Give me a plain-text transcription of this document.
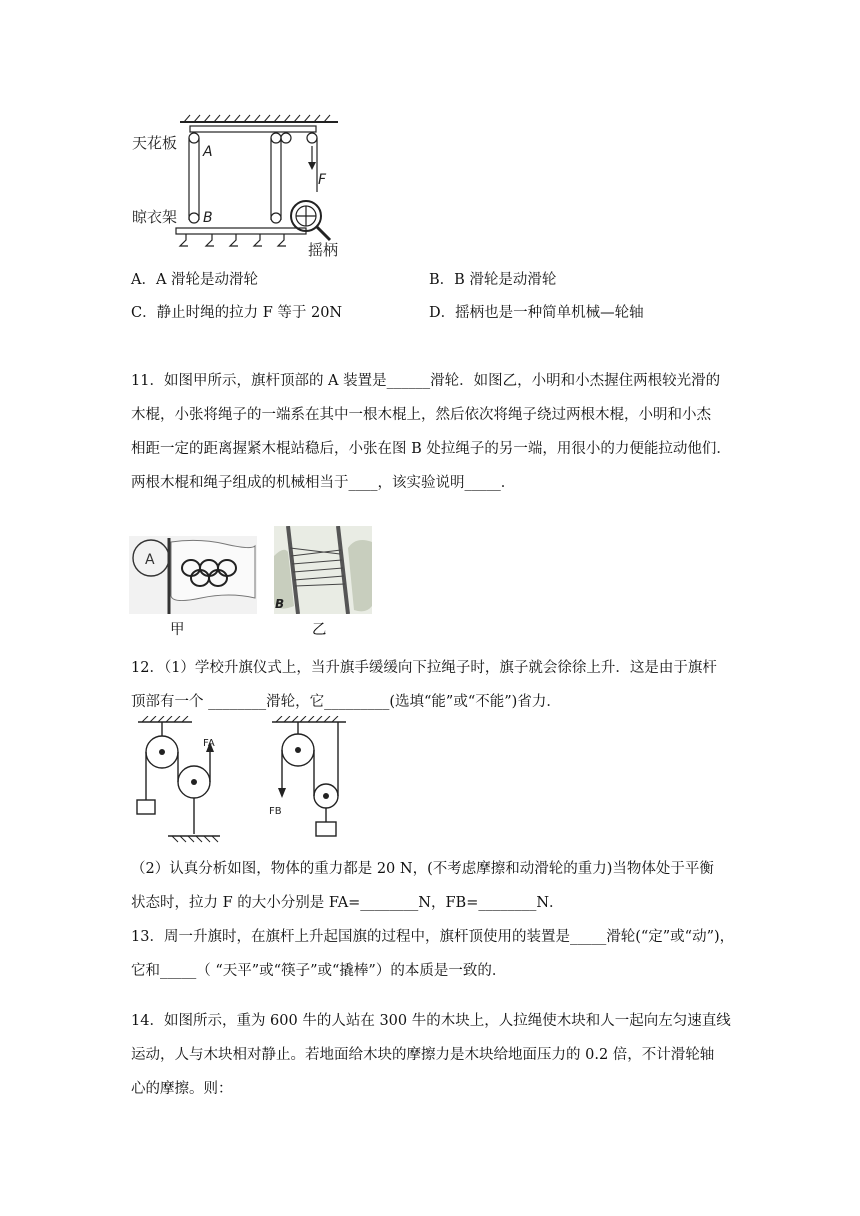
天花板 A
F
晾衣架 B
摇柄
A．A 滑轮是动滑轮	B．B 滑轮是动滑轮
C．静止时绳的拉力 F 等于 20N	D．摇柄也是一种简单机械—轮轴
11．如图甲所示，旗杆顶部的 A 装置是______滑轮．如图乙，小明和小杰握住两根较光滑的
木棍，小张将绳子的一端系在其中一根木棍上，然后依次将绳子绕过两根木棍，小明和小杰
相距一定的距离握紧木棍站稳后，小张在图 B 处拉绳子的另一端，用很小的力便能拉动他们．
两根木棍和绳子组成的机械相当于____，该实验说明_____．
A
甲
B
乙
12．（1）学校升旗仪式上，当升旗手缓缓向下拉绳子时，旗子就会徐徐上升．这是由于旗杆
顶部有一个 ________滑轮，它_________(选填“能”或“不能”)省力．
FA
FB
（2）认真分析如图，物体的重力都是 20 N，(不考虑摩擦和动滑轮的重力)当物体处于平衡
状态时，拉力 F 的大小分别是 FA=________N，FB=________N．
13．周一升旗时，在旗杆上升起国旗的过程中，旗杆顶使用的装置是_____滑轮(“定”或“动”)，
它和_____（ “天平”或“筷子”或“撬棒”）的本质是一致的．
14．如图所示，重为 600 牛的人站在 300 牛的木块上，人拉绳使木块和人一起向左匀速直线
运动，人与木块相对静止。若地面给木块的摩擦力是木块给地面压力的 0.2 倍，不计滑轮轴
心的摩擦。则：
